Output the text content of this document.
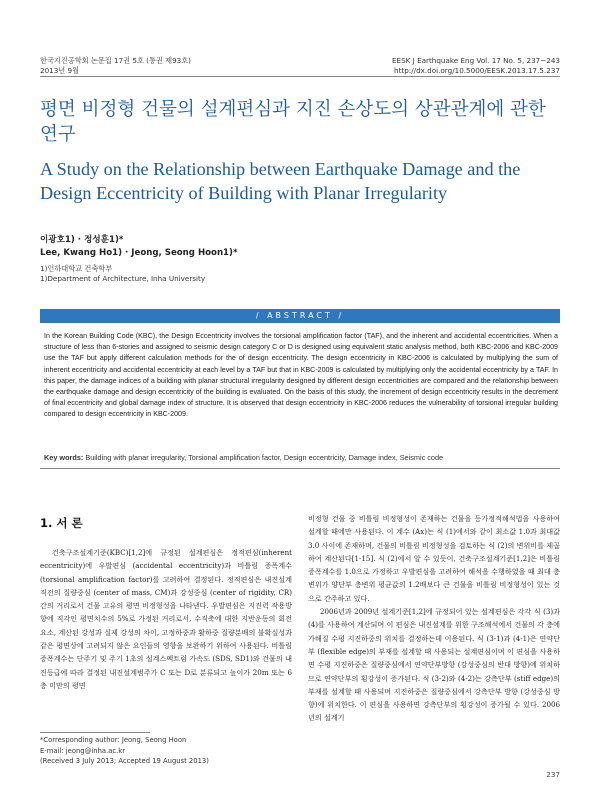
한국지진공학회 논문집 17권 5호 (통권 제93호)
2013년 9월
EESK J Earthquake Eng Vol. 17 No. 5, 237~243
http://dx.doi.org/10.5000/EESK.2013.17.5.237
평면 비정형 건물의 설계편심과 지진 손상도의 상관관계에 관한 연구
A Study on the Relationship between Earthquake Damage and the Design Eccentricity of Building with Planar Irregularity
이광호1) · 정성훈1)*
Lee, Kwang Ho1) · Jeong, Seong Hoon1)*
1)인하대학교 건축학부
1)Department of Architecture, Inha University
/ ABSTRACT /
In the Korean Building Code (KBC), the Design Eccentricity involves the torsional amplification factor (TAF), and the inherent and accidental eccentricities. When a structure of less than 6-stories and assigned to seismic design category C or D is designed using equivalent static analysis method, both KBC-2006 and KBC-2009 use the TAF but apply different calculation methods for the of design eccentricity. The design eccentricity in KBC-2006 is calculated by multiplying the sum of inherent eccentricity and accidental eccentricity at each level by a TAF but that in KBC-2009 is calculated by multiplying only the accidental eccentricity by a TAF. In this paper, the damage indices of a building with planar structural irregularity designed by different design eccentricities are compared and the relationship between the earthquake damage and design eccentricity of the building is evaluated. On the basis of this study, the increment of design eccentricity results in the decrement of final eccentricity and global damage index of structure. It is observed that design eccentricity in KBC-2006 reduces the vulnerability of torsional irregular building compared to design eccentricity in KBC-2009.
Key words: Building with planar irregularity, Torsional amplification factor, Design eccentricity, Damage index, Seismic code
1. 서 론

건축구조설계기준(KBC)[1,2]에 규정된 설계편심은 정적편심(inherent eccentricity)에 우발편심 (accidental eccentricity)과 비틀림 증폭계수(torsional amplification factor)를 고려하여 결정된다. 정적편심은 내진설계 직전의 질량중심 (center of mass, CM)과 강성중심 (center of rigidity, CR)간의 거리로서 건물 고유의 평면 비정형성을 나타낸다. 우발편심은 지진력 작용방향에 직각인 평면치수의 5%로 가정된 거리로서, 수직축에 대한 지반운동의 회전요소, 계산된 강성과 실제 강성의 차이, 고정하중과 활하중 질량분배의 불확실성과 같은 평면상에 고려되지 않은 요인들의 영향을 보완하기 위하여 사용된다. 비틀림 증폭계수는 단주기 및 주기 1초의 설계스펙트럼 가속도 (SDS, SD1)와 건물의 내진등급에 따라 결정된 내진설계범주가 C 또는 D로 분류되고 높이가 20m 또는 6층 미만의 평면

비정형 건물 중 비틀림 비정형성이 존재하는 건물을 등가정적해석법을 사용하여 설계할 때에만 사용된다. 이 계수 (Ax)는 식 (1)에서와 같이 최소값 1.0과 최대값 3.0 사이에 존재하며, 건물의 비틀림 비정형성을 검토하는 식 (2)의 변위비를 제곱하여 계산된다[1-15]. 식 (2)에서 알 수 있듯이, 건축구조설계기준[1,2]은 비틀림 증폭계수를 1.0으로 가정하고 우발편심을 고려하여 해석을 수행하였을 때 최대 층변위가 양단부 층변위 평균값의 1.2배보다 큰 건물을 비틀림 비정형성이 있는 것으로 간주하고 있다.

2006년과 2009년 설계기준[1,2]에 규정되어 있는 설계편심은 각각 식 (3)과 (4)를 사용하여 계산되며 이 편심은 내진설계를 위한 구조해석에서 건물의 각 층에 가해질 수평 지진하중의 위치를 결정하는데 이용된다. 식 (3-1)과 (4-1)은 연약단부 (flexible edge)의 부재를 설계할 때 사용되는 설계편심이며 이 편심을 사용하면 수평 지진하중은 질량중심에서 연약단부방향 (강성중심의 반대 방향)에 위치하므로 연약단부의 횡강성이 증가된다. 식 (3-2)와 (4-2)는 강측단부 (stiff edge)의 부재를 설계할 때 사용되며 지진하중은 질량중심에서 강측단부 방향 (강성중심 방향)에 위치한다. 이 편심을 사용하면 강측단부의 횡강성이 증가될 수 있다. 2006년의 설계기

*Corresponding author: Jeong, Seong Hoon
E-mail: jeong@inha.ac.kr
(Received 3 July 2013; Accepted 19 August 2013)
237
